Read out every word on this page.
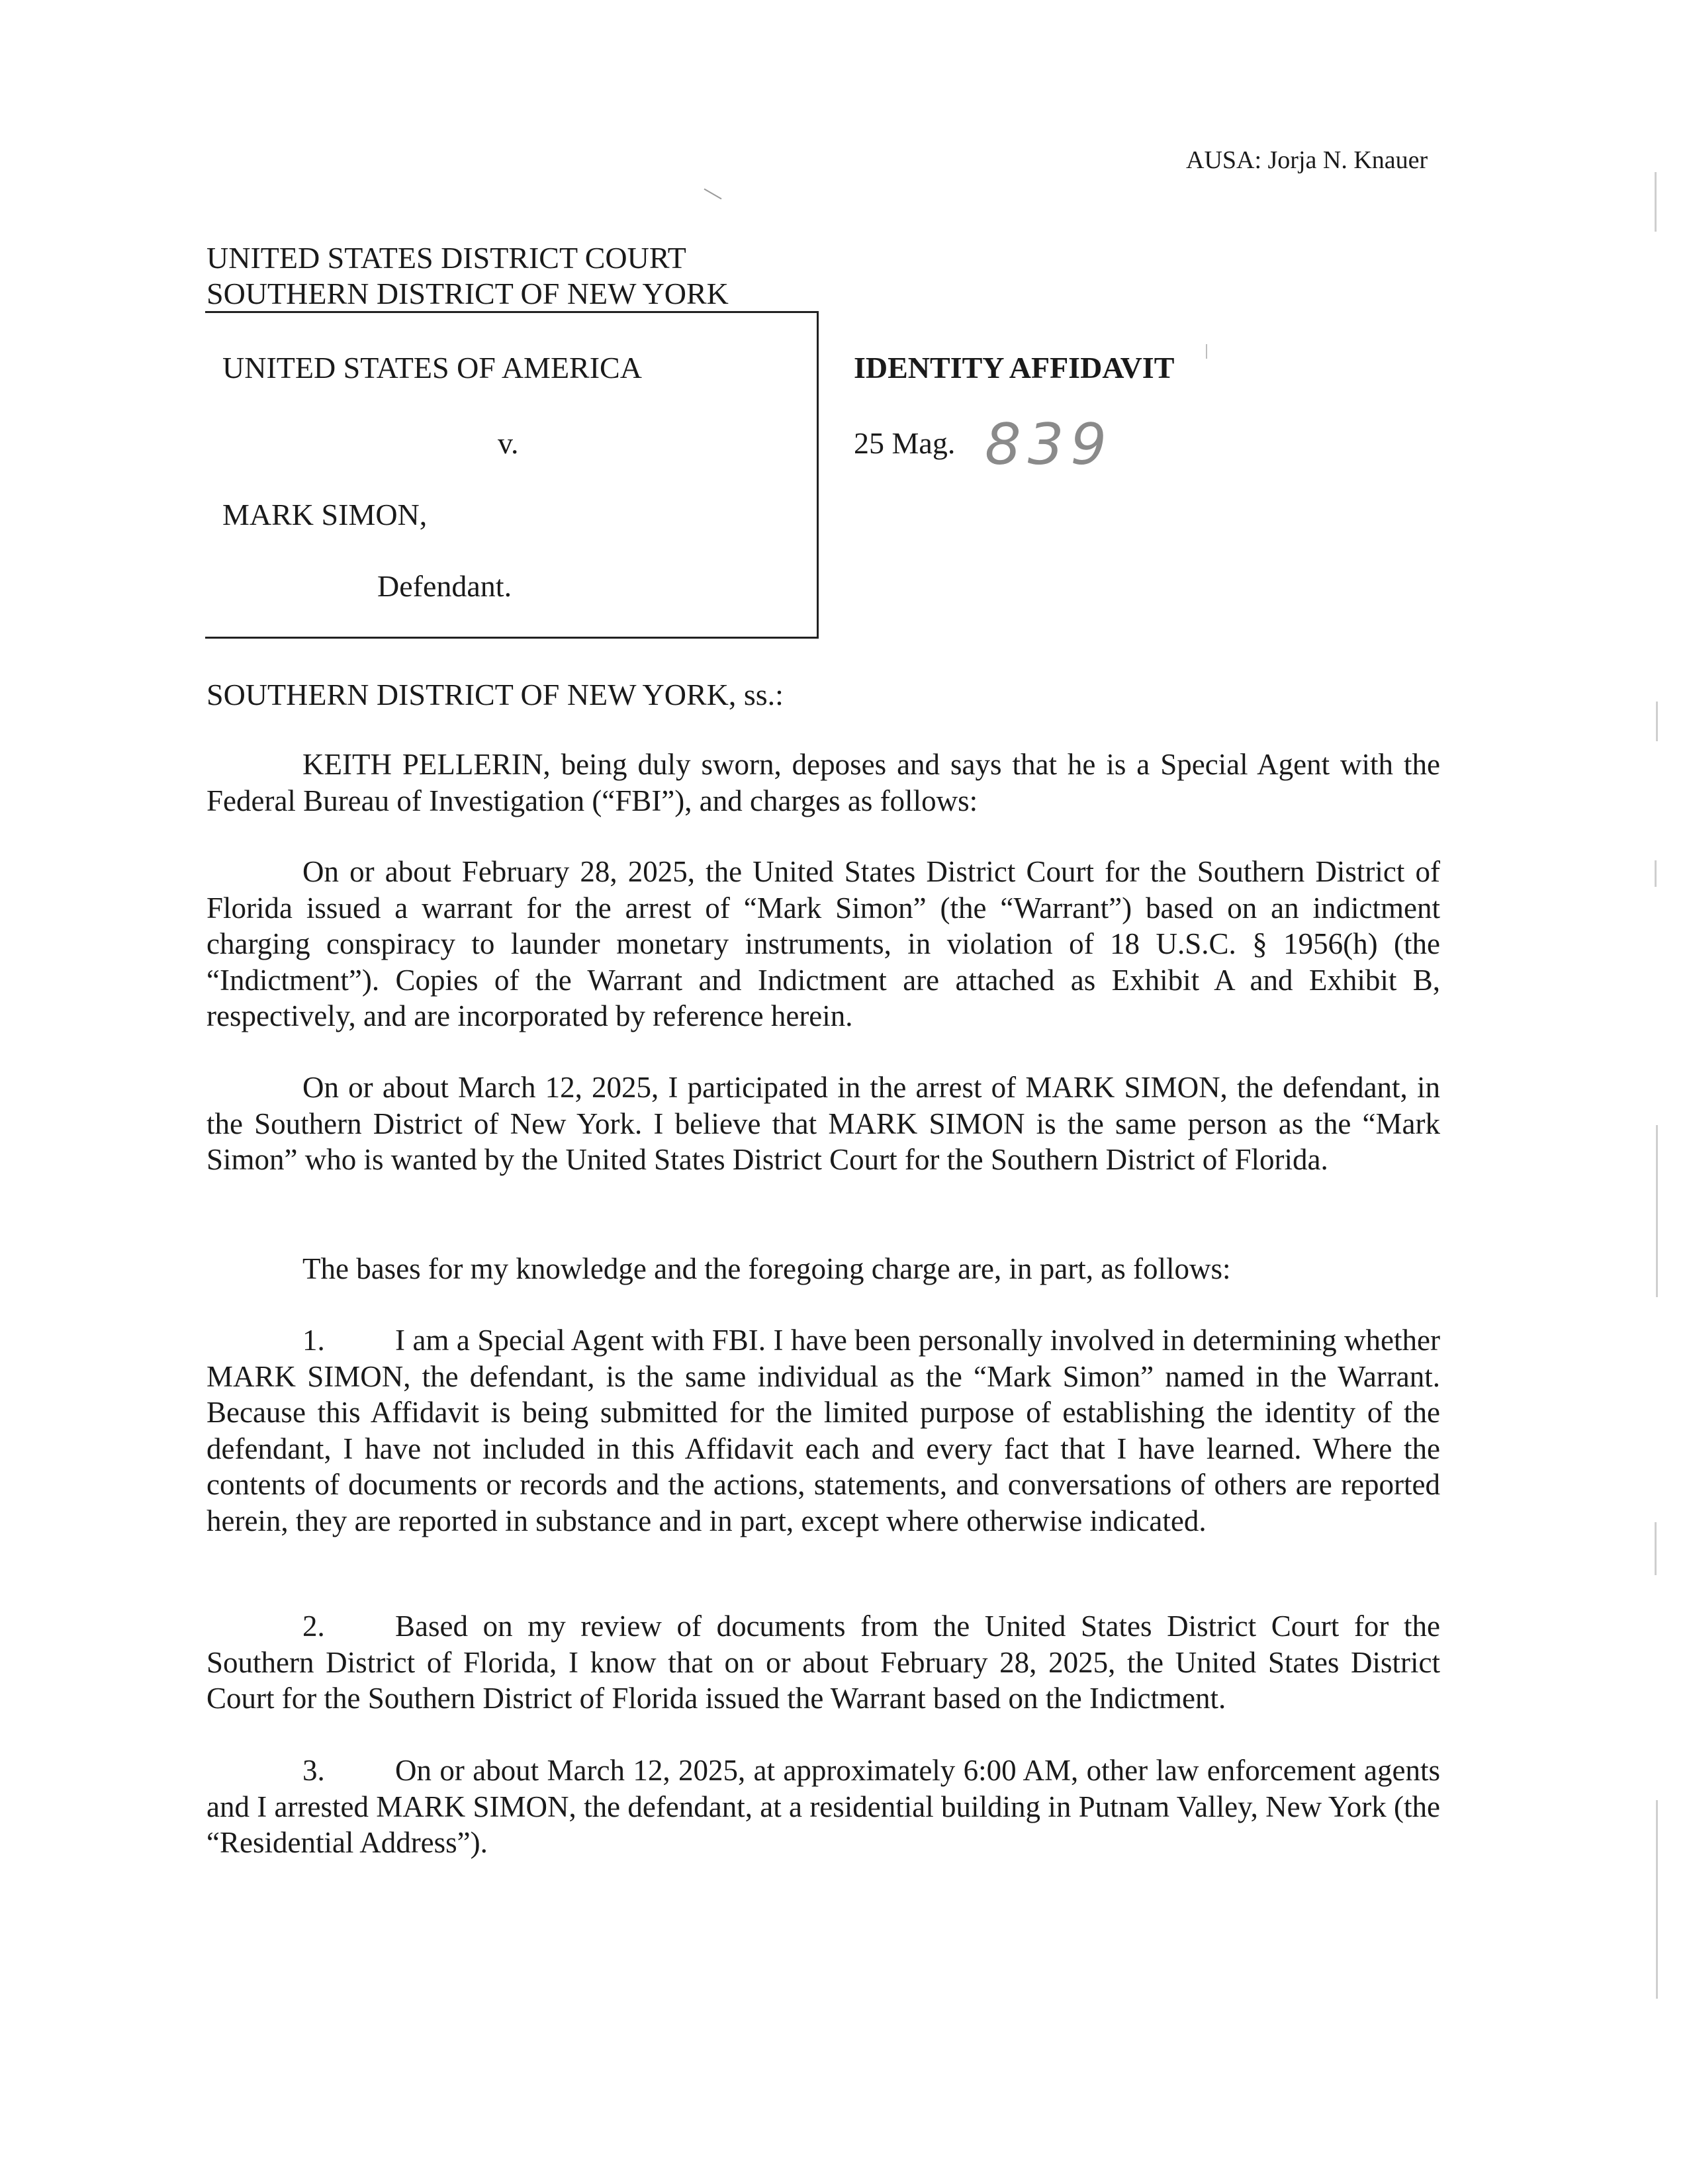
AUSA: Jorja N. Knauer
UNITED STATES DISTRICT COURT
SOUTHERN DISTRICT OF NEW YORK
UNITED STATES OF AMERICA
v.
MARK SIMON,
Defendant.
IDENTITY AFFIDAVIT
25 Mag. 839
SOUTHERN DISTRICT OF NEW YORK, ss.:
KEITH PELLERIN, being duly sworn, deposes and says that he is a Special Agent with the Federal Bureau of Investigation (“FBI”), and charges as follows:
On or about February 28, 2025, the United States District Court for the Southern District of Florida issued a warrant for the arrest of “Mark Simon” (the “Warrant”) based on an indictment charging conspiracy to launder monetary instruments, in violation of 18 U.S.C. § 1956(h) (the “Indictment”). Copies of the Warrant and Indictment are attached as Exhibit A and Exhibit B, respectively, and are incorporated by reference herein.
On or about March 12, 2025, I participated in the arrest of MARK SIMON, the defendant, in the Southern District of New York. I believe that MARK SIMON is the same person as the “Mark Simon” who is wanted by the United States District Court for the Southern District of Florida.
The bases for my knowledge and the foregoing charge are, in part, as follows:
1. I am a Special Agent with FBI. I have been personally involved in determining whether MARK SIMON, the defendant, is the same individual as the “Mark Simon” named in the Warrant. Because this Affidavit is being submitted for the limited purpose of establishing the identity of the defendant, I have not included in this Affidavit each and every fact that I have learned. Where the contents of documents or records and the actions, statements, and conversations of others are reported herein, they are reported in substance and in part, except where otherwise indicated.
2. Based on my review of documents from the United States District Court for the Southern District of Florida, I know that on or about February 28, 2025, the United States District Court for the Southern District of Florida issued the Warrant based on the Indictment.
3. On or about March 12, 2025, at approximately 6:00 AM, other law enforcement agents and I arrested MARK SIMON, the defendant, at a residential building in Putnam Valley, New York (the “Residential Address”).
